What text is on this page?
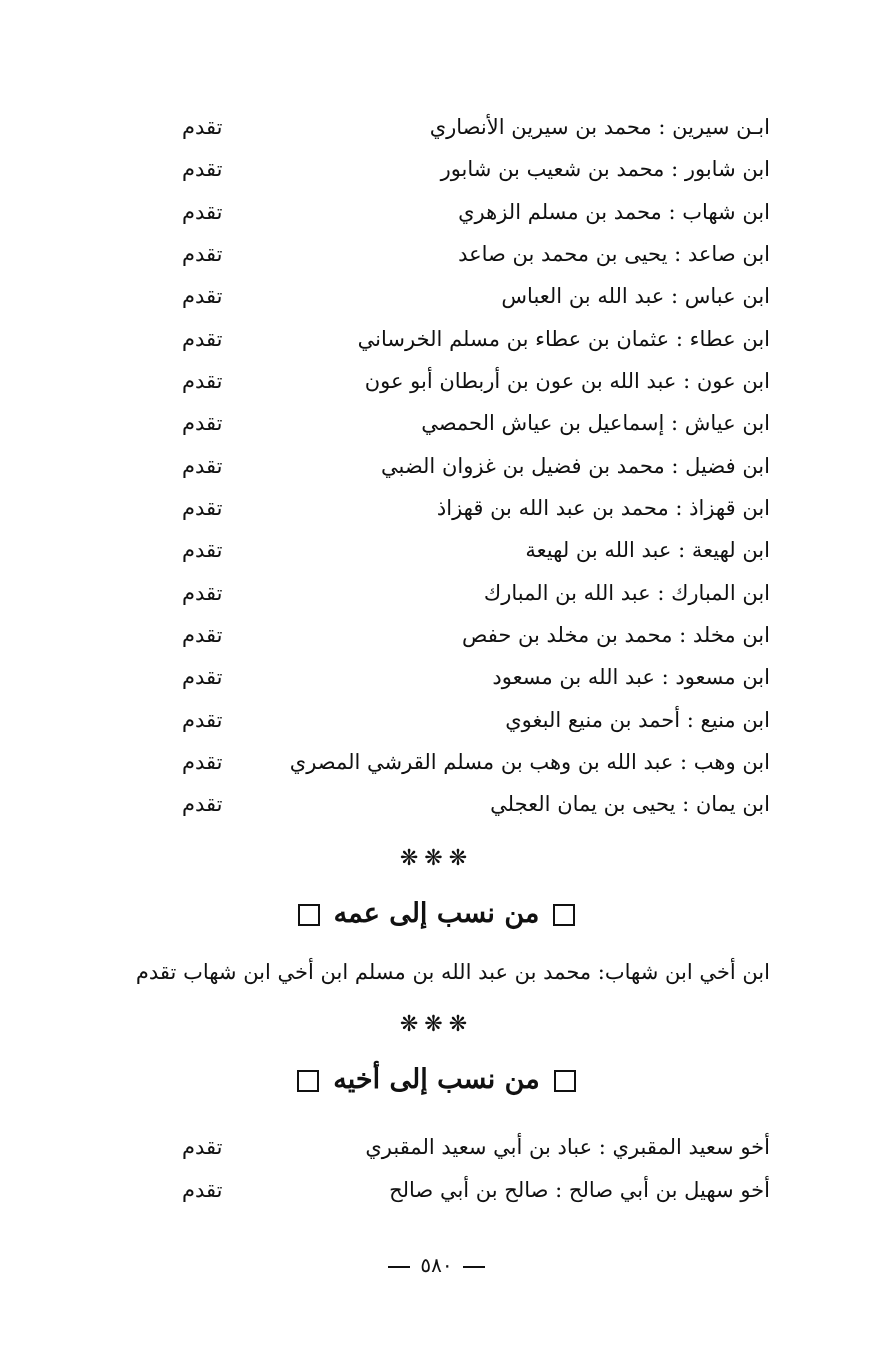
ابـن سيرين : محمد بن سيرين الأنصاري
تقدم
ابن شابور : محمد بن شعيب بن شابور
تقدم
ابن شهاب : محمد بن مسلم الزهري
تقدم
ابن صاعد : يحيى بن محمد بن صاعد
تقدم
ابن عباس : عبد الله بن العباس
تقدم
ابن عطاء : عثمان بن عطاء بن مسلم الخرساني
تقدم
ابن عون : عبد الله بن عون بن أربطان أبو عون
تقدم
ابن عياش : إسماعيل بن عياش الحمصي
تقدم
ابن فضيل : محمد بن فضيل بن غزوان الضبي
تقدم
ابن قهزاذ : محمد بن عبد الله بن قهزاذ
تقدم
ابن لهيعة : عبد الله بن لهيعة
تقدم
ابن المبارك : عبد الله بن المبارك
تقدم
ابن مخلد : محمد بن مخلد بن حفص
تقدم
ابن مسعود : عبد الله بن مسعود
تقدم
ابن منيع : أحمد بن منيع البغوي
تقدم
ابن وهب : عبد الله بن وهب بن مسلم القرشي المصري
تقدم
ابن يمان : يحيى بن يمان العجلي
تقدم
❋❋❋
من نسب إلى عمه
ابن أخي ابن شهاب: محمد بن عبد الله بن مسلم ابن أخي ابن شهاب تقدم
❋❋❋
من نسب إلى أخيه
أخو سعيد المقبري : عباد بن أبي سعيد المقبري
تقدم
أخو سهيل بن أبي صالح : صالح بن أبي صالح
تقدم
٥٨٠
